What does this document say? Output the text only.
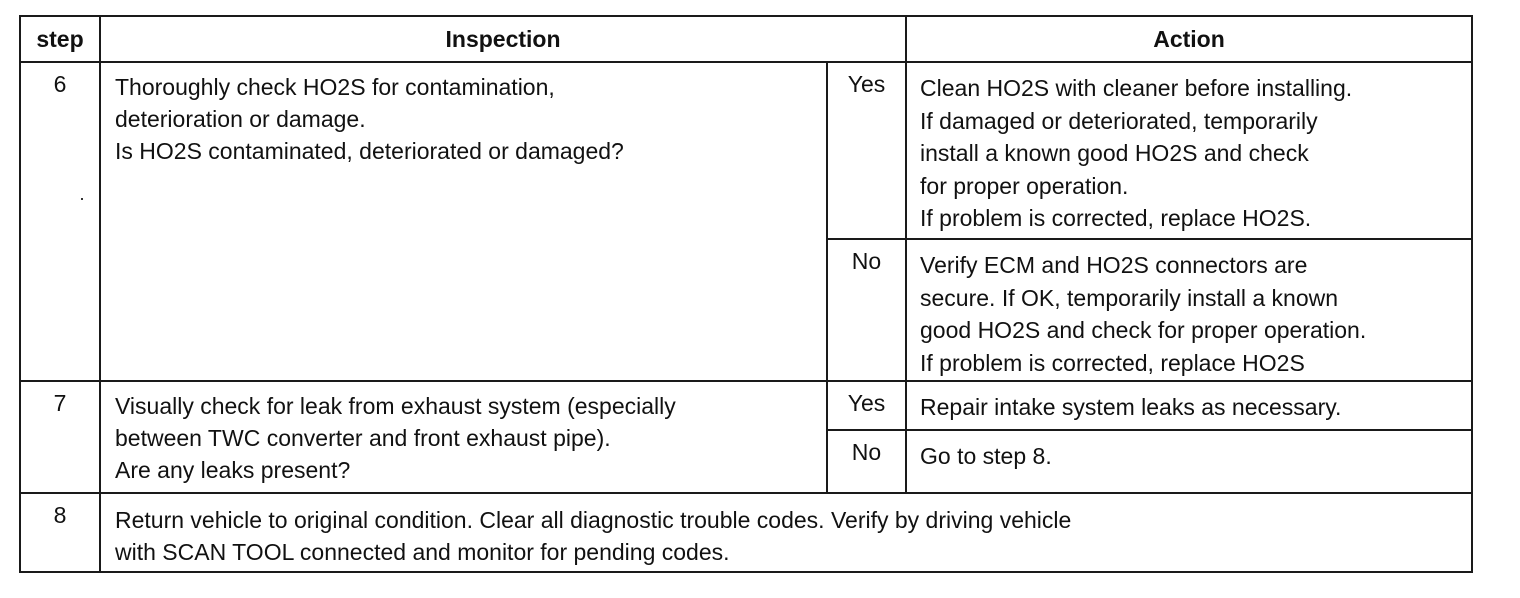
step	Inspection		Action
6	Thoroughly check HO2S for contamination,
deterioration or damage.
Is HO2S contaminated, deteriorated or damaged?	Yes	Clean HO2S with cleaner before installing.
If damaged or deteriorated, temporarily
install a known good HO2S and check
for proper operation.
If problem is corrected, replace HO2S.

		No	Verify ECM and HO2S connectors are
secure. If OK, temporarily install a known
good HO2S and check for proper operation.
If problem is corrected, replace HO2S

7	Visually check for leak from exhaust system (especially
between TWC converter and front exhaust pipe).
Are any leaks present?	Yes	Repair intake system leaks as necessary.

		No	Go to step 8.

8	Return vehicle to original condition. Clear all diagnostic trouble codes. Verify by driving vehicle
with SCAN TOOL connected and monitor for pending codes.		
